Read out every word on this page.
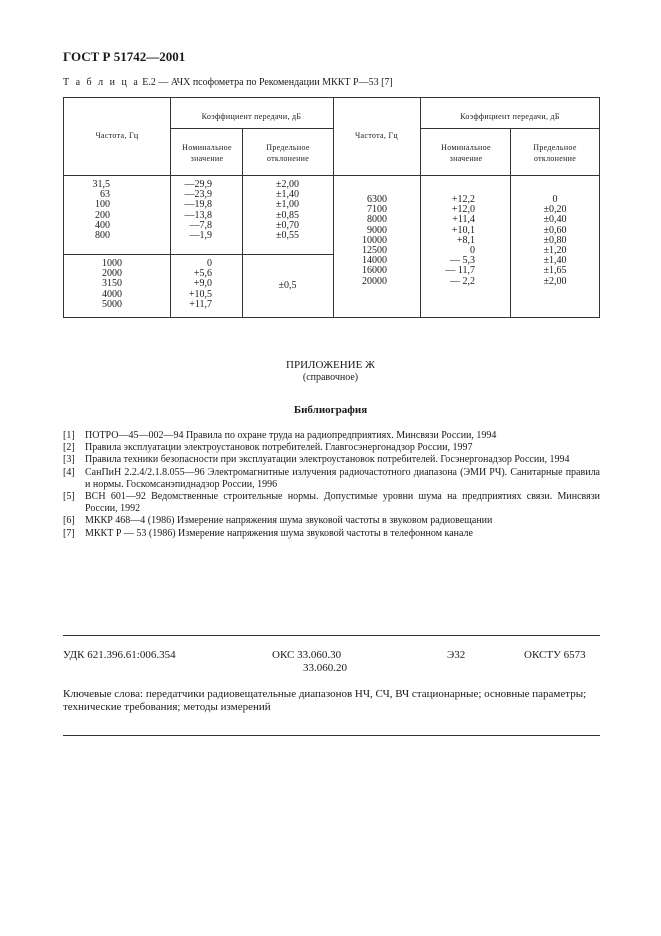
ГОСТ Р 51742—2001
Т а б л и ц а Е.2 — АЧХ псофометра по Рекомендации МККТ Р—53 [7]
Частота, Гц
Коэффициент передачи, дБ
Номинальное значение
Предельное отклонение
Частота, Гц
Коэффициент передачи, дБ
Номинальное значение
Предельное отклонение
31,5
63
100
200
400
800
—29,9
—23,9
—19,8
—13,8
—7,8
—1,9
±2,00
±1,40
±1,00
±0,85
±0,70
±0,55
1000
2000
3150
4000
5000
0
+5,6
+9,0
+10,5
+11,7
±0,5
6300
7100
8000
9000
10000
12500
14000
16000
20000
+12,2
+12,0
+11,4
+10,1
+8,1
0
— 5,3
— 11,7
— 2,2
0
±0,20
±0,40
±0,60
±0,80
±1,20
±1,40
±1,65
±2,00
ПРИЛОЖЕНИЕ Ж
(справочное)
Библиография
[1] ПОТРО—45—002—94 Правила по охране труда на радиопредприятиях. Минсвязи России, 1994
[2] Правила эксплуатации электроустановок потребителей. Главгосэнергонадзор России, 1997
[3] Правила техники безопасности при эксплуатации электроустановок потребителей. Госэнергонадзор России, 1994
[4] СанПиН 2.2.4/2.1.8.055—96 Электромагнитные излучения радиочастотного диапазона (ЭМИ РЧ). Санитарные правила и нормы. Госкомсанэпиднадзор России, 1996
[5] ВСН 601—92 Ведомственные строительные нормы. Допустимые уровни шума на предприятиях связи. Минсвязи России, 1992
[6] МККР 468—4 (1986) Измерение напряжения шума звуковой частоты в звуковом радиовещании
[7] МККТ Р — 53 (1986) Измерение напряжения шума звуковой частоты в телефонном канале
УДК 621.396.61:006.354	ОКС 33.060.30
33.060.20
Э32	ОКСТУ 6573
Ключевые слова: передатчики радиовещательные диапазонов НЧ, СЧ, ВЧ стационарные; основные параметры; технические требования; методы измерений
